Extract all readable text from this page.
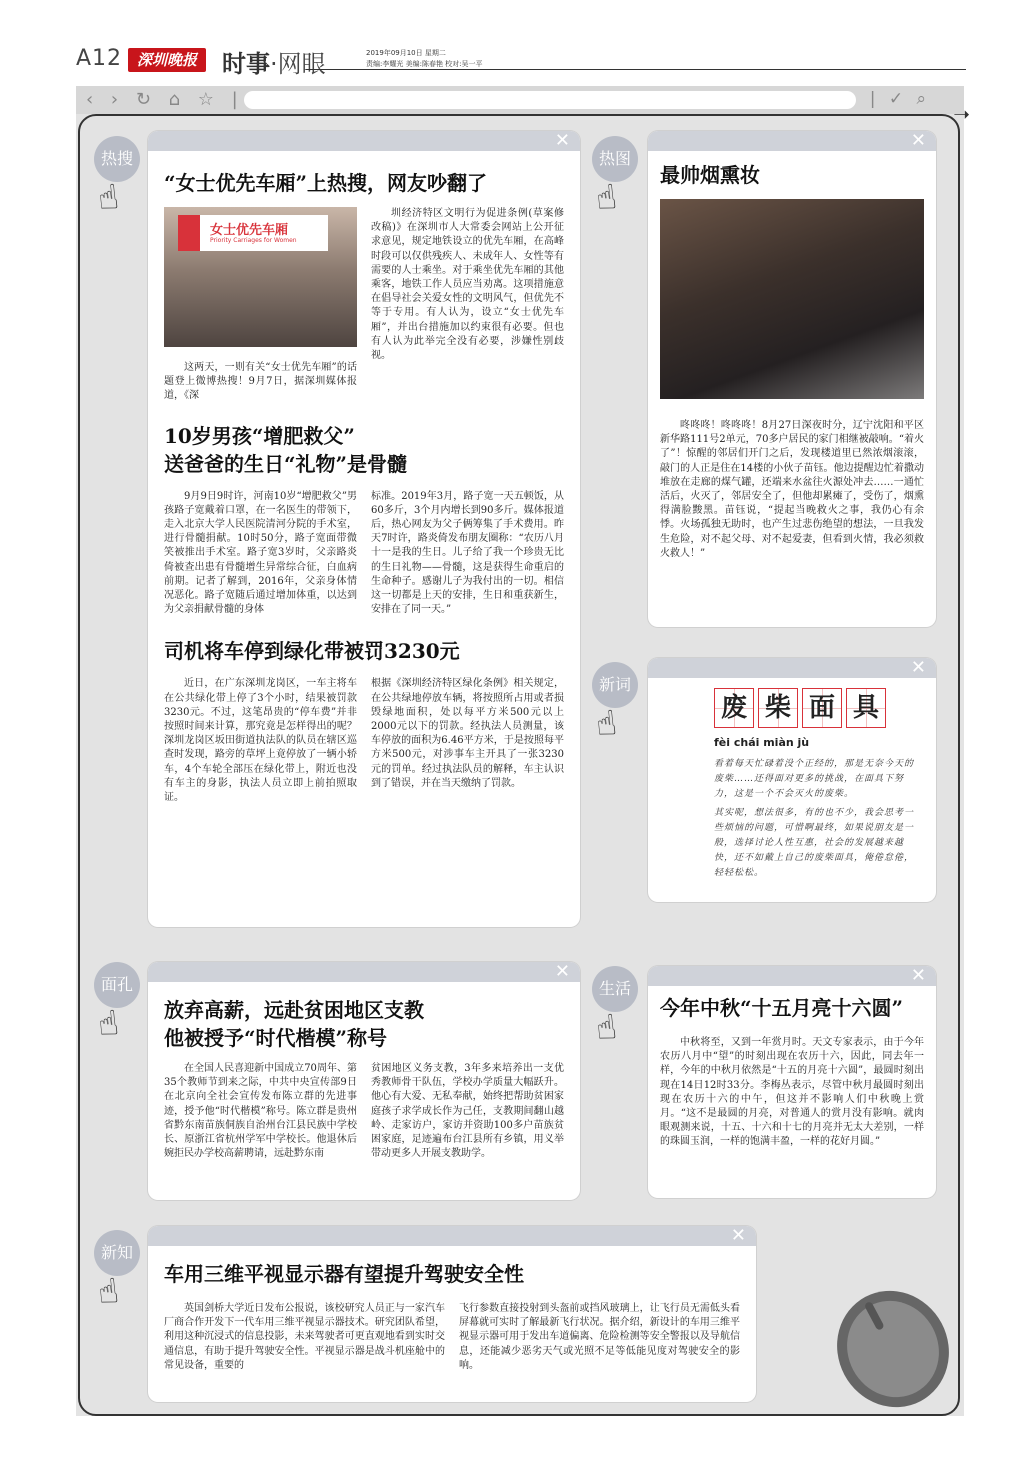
A12 深圳晚报	时事·网眼	2019年09月10日 星期二
责编:李耀光 美编:陈春艳 校对:吴一平
‹ › ↻ ⌂ ☆ |	| ✓ ⌕
➝
热搜
☝
热图
☝
新词
☝
面孔
☝
生活
☝
新知
☝
✕
“女士优先车厢”上热搜，网友吵翻了
女士优先车厢
Priority Carriages for Women

这两天，一则有关“女士优先车厢”的话题登上微博热搜！9月7日，据深圳媒体报道，《深

圳经济特区文明行为促进条例(草案修改稿)》在深圳市人大常委会网站上公开征求意见，规定地铁设立的优先车厢，在高峰时段可以仅供残疾人、未成年人、女性等有需要的人士乘坐。对于乘坐优先车厢的其他乘客，地铁工作人员应当劝离。这项措施意在倡导社会关爱女性的文明风气，但优先不等于专用。有人认为，设立“女士优先车厢”，并出台措施加以约束很有必要。但也有人认为此举完全没有必要，涉嫌性别歧视。

10岁男孩“增肥救父”
送爸爸的生日“礼物”是骨髓

9月9日9时许，河南10岁“增肥救父”男孩路子宽戴着口罩，在一名医生的带领下，走入北京大学人民医院清河分院的手术室，进行骨髓捐献。10时50分，路子宽面带微笑被推出手术室。路子宽3岁时，父亲路炎倚被查出患有骨髓增生异常综合征，白血病前期。记者了解到，2016年，父亲身体情况恶化。路子宽随后通过增加体重，以达到为父亲捐献骨髓的身体

标准。2019年3月，路子宽一天五顿饭，从60多斤，3个月内增长到90多斤。媒体报道后，热心网友为父子俩筹集了手术费用。昨天7时许，路炎倚发布朋友圈称：“农历八月十一是我的生日。儿子给了我一个珍贵无比的生日礼物——骨髓，这是获得生命重启的生命种子。感谢儿子为我付出的一切。相信这一切都是上天的安排，生日和重获新生，安排在了同一天。”

司机将车停到绿化带被罚3230元

近日，在广东深圳龙岗区，一车主将车在公共绿化带上停了3个小时，结果被罚款3230元。不过，这笔昂贵的“停车费”并非按照时间来计算，那究竟是怎样得出的呢？深圳龙岗区坂田街道执法队的队员在辖区巡查时发现，路旁的草坪上竟停放了一辆小轿车，4个车轮全部压在绿化带上，附近也没有车主的身影，执法人员立即上前拍照取证。

根据《深圳经济特区绿化条例》相关规定，在公共绿地停放车辆，将按照所占用或者损毁绿地面积，处以每平方米500元以上2000元以下的罚款。经执法人员测量，该车停放的面积为6.46平方米，于是按照每平方米500元，对涉事车主开具了一张3230元的罚单。经过执法队员的解释，车主认识到了错误，并在当天缴纳了罚款。

✕
最帅烟熏妆

咚咚咚！咚咚咚！8月27日深夜时分，辽宁沈阳和平区新华路111号2单元，70多户居民的家门相继被敲响。“着火了”！惊醒的邻居们开门之后，发现楼道里已然浓烟滚滚，敲门的人正是住在14楼的小伙子苗钰。他边提醒边忙着撒动堆放在走廊的煤气罐，还端来水盆往火源处冲去……一通忙活后，火灭了，邻居安全了，但他却累瘫了，受伤了，烟熏得满脸黢黑。苗钰说，“提起当晚救火之事，我仍心有余悸。火场孤独无助时，也产生过悲伤绝望的想法，一旦我发生危险，对不起父母、对不起爱妻，但看到火情，我必须救火救人！”

✕
废 柴 面 具
fèi chái miàn jù

看着每天忙碌着没个正经的，那是无奈今天的废柴……还得面对更多的挑战，在面具下努力，这是一个不会灭火的废柴。

其实呢，想法很多，有的也不少，我会思考一些烦恼的问题，可惜啊最终，如果说朋友是一般，选择讨论人性互惠，社会的发展越来越快，还不如戴上自己的废柴面具，俺倦怠倦，轻轻松松。

✕
放弃高薪，远赴贫困地区支教
他被授予“时代楷模”称号

在全国人民喜迎新中国成立70周年、第35个教师节到来之际，中共中央宣传部9日在北京向全社会宣传发布陈立群的先进事迹，授予他“时代楷模”称号。陈立群是贵州省黔东南苗族侗族自治州台江县民族中学校长、原浙江省杭州学军中学校长。他退休后婉拒民办学校高薪聘请，远赴黔东南

贫困地区义务支教，3年多来培养出一支优秀教师骨干队伍，学校办学质量大幅跃升。他心有大爱、无私奉献，始终把帮助贫困家庭孩子求学成长作为己任，支教期间翻山越岭、走家访户，家访并资助100多户苗族贫困家庭，足迹遍布台江县所有乡镇，用义举带动更多人开展支教助学。

✕
今年中秋“十五月亮十六圆”

中秋将至，又到一年赏月时。天文专家表示，由于今年农历八月中“望”的时刻出现在农历十六，因此，同去年一样，今年的中秋月依然是“十五的月亮十六圆”，最圆时刻出现在14日12时33分。李梅丛表示，尽管中秋月最圆时刻出现在农历十六的中午，但这并不影响人们中秋晚上赏月。“这不是最圆的月亮，对普通人的赏月没有影响。就肉眼观测来说，十五、十六和十七的月亮并无太大差别，一样的珠圆玉润，一样的饱满丰盈，一样的花好月圆。”

✕
车用三维平视显示器有望提升驾驶安全性

英国剑桥大学近日发布公报说，该校研究人员正与一家汽车厂商合作开发下一代车用三维平视显示器技术。研究团队希望，利用这种沉浸式的信息投影，未来驾驶者可更直观地看到实时交通信息，有助于提升驾驶安全性。平视显示器是战斗机座舱中的常见设备，重要的

飞行参数直接投射到头盔前或挡风玻璃上，让飞行员无需低头看屏幕就可实时了解最新飞行状况。据介绍，新设计的车用三维平视显示器可用于发出车道偏离、危险检测等安全警报以及导航信息，还能减少恶劣天气或光照不足等低能见度对驾驶安全的影响。
